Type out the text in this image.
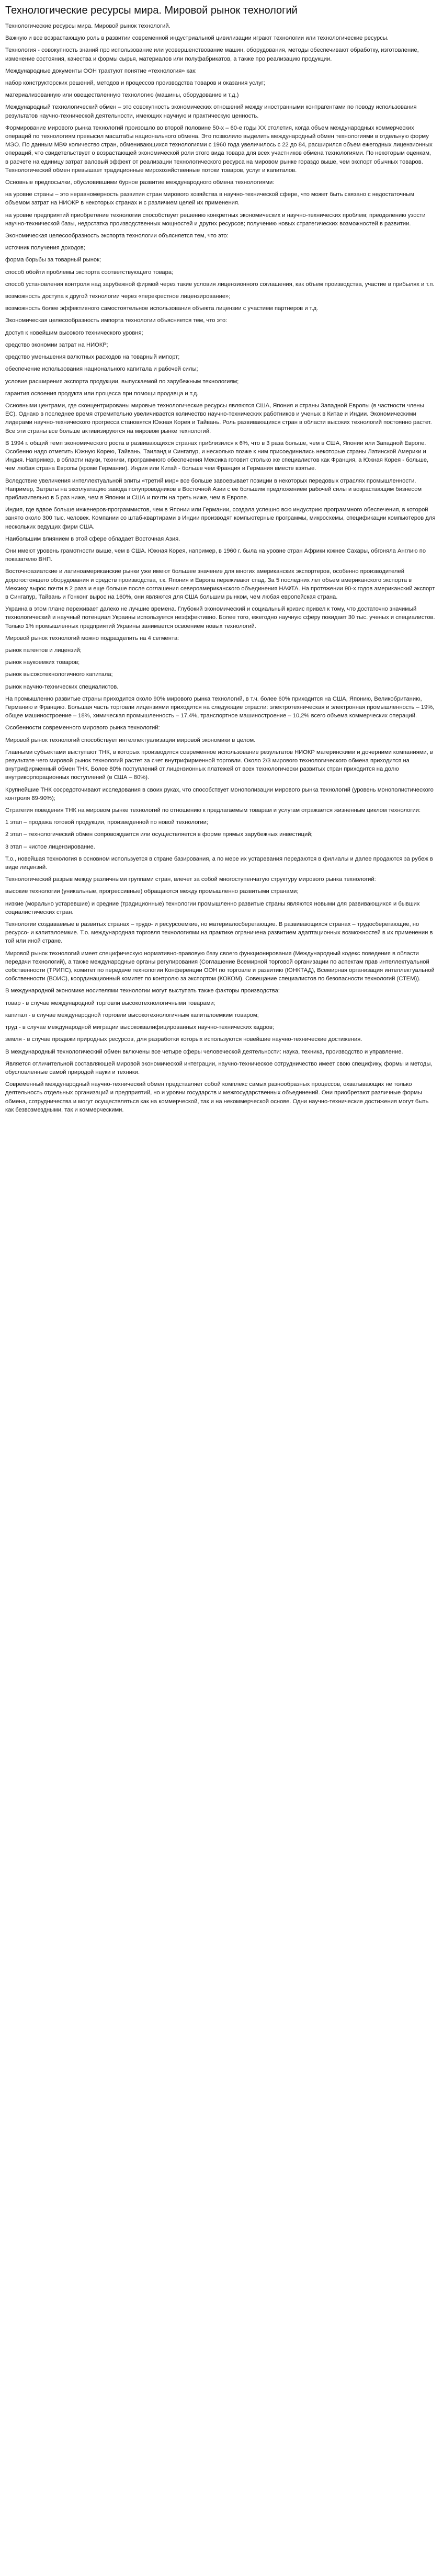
Технологические ресурсы мира. Мировой рынок технологий

Технологические ресурсы мира. Мировой рынок технологий.

Важную и все возрастающую роль в развитии современной индустриальной цивилизации играют технологии или технологические ресурсы.

Технология - совокупность знаний про использование или усовершенствование машин, оборудования, методы обеспечивают обработку, изготовление, изменение состояния, качества и формы сырья, материалов или полуфабрикатов, а также про реализацию продукции.

Международные документы ООН трактуют понятие «технология» как:

набор конструкторских решений, методов и процессов производства товаров и оказания услуг;

материализованную или овеществленную технологию (машины, оборудование и т.д.)

Международный технологический обмен – это совокупность экономических отношений между иностранными контрагентами по поводу использования результатов научно-технической деятельности, имеющих научную и практическую ценность.

Формирование мирового рынка технологий произошло во второй половине 50-х – 60-е годы XX столетия, когда объем международных коммерческих операций по технологиям превысил масштабы национального обмена. Это позволило выделить международный обмен технологиями в отдельную форму МЭО. По данным МВФ количество стран, обменивающихся технологиями с 1960 года увеличилось с 22 до 84, расширился объем ежегодных лицензионных операций, что свидетельствует о возрастающей экономической роли этого вида товара для всех участников обмена технологиями. По некоторым оценкам, в расчете на единицу затрат валовый эффект от реализации технологического ресурса на мировом рынке гораздо выше, чем экспорт обычных товаров. Технологический обмен превышает традиционные мирохозяйственные потоки товаров, услуг и капиталов.

Основные предпосылки, обусловившими бурное развитие международного обмена технологиями:

на уровне страны – это неравномерность развития стран мирового хозяйства в научно-технической сфере, что может быть связано с недостаточным объемом затрат на НИОКР в некоторых странах и с различием целей их применения.

на уровне предприятий приобретение технологии способствует решению конкретных экономических и научно-технических проблем; преодолению узости научно-технической базы, недостатка производственных мощностей и других ресурсов; получению новых стратегических возможностей в развитии.

Экономическая целесообразность экспорта технологии объясняется тем, что это:

источник получения доходов;

форма борьбы за товарный рынок;

способ обойти проблемы экспорта соответствующего товара;

способ установления контроля над зарубежной фирмой через такие условия лицензионного соглашения, как объем производства, участие в прибылях и т.п.

возможность доступа к другой технологии через «перекрестное лицензирование»;

возможность более эффективного самостоятельное использования объекта лицензии с участием партнеров и т.д.

Экономическая целесообразность импорта технологии объясняется тем, что это:

доступ к новейшим высокого технического уровня;

средство экономии затрат на НИОКР;

средство уменьшения валютных расходов на товарный импорт;

обеспечение использования национального капитала и рабочей силы;

условие расширения экспорта продукции, выпускаемой по зарубежным технологиям;

гарантия освоения продукта или процесса при помощи продавца и т.д.

Основными центрами, где сконцентрированы мировые технологические ресурсы являются США, Япония и страны Западной Европы (в частности члены ЕС). Однако в последнее время стремительно увеличивается количество научно-технических работников и ученых в Китае и Индии. Экономическими лидерами научно-технического прогресса становятся Южная Корея и Тайвань. Роль развивающихся стран в области высоких технологий постоянно растет. Все эти страны все больше активизируются на мировом рынке технологий.

В 1994 г. общий темп экономического роста в развивающихся странах приблизился к 6%, что в 3 раза больше, чем в США, Японии или Западной Европе. Особенно надо отметить Южную Корею, Тайвань, Таиланд и Сингапур, и несколько позже к ним присоединились некоторые страны Латинской Америки и Индия. Например, в области науки, техники, программного обеспечения Мексика готовит столько же специалистов как Франция, а Южная Корея - больше, чем любая страна Европы (кроме Германии). Индия или Китай - больше чем Франция и Германия вместе взятые.

Вследствие увеличения интеллектуальной элиты «третий мир» все больше завоевывает позиции в некоторых передовых отраслях промышленности. Например, Затраты на эксплуатацию завода полупроводников в Восточной Азии с ее большим предложением рабочей силы и возрастающим бизнесом приблизительно в 5 раз ниже, чем в Японии и США и почти на треть ниже, чем в Европе.

Индия, где вдвое больше инженеров-программистов, чем в Японии или Германии, создала успешно всю индустрию программного обеспечения, в которой занято около 300 тыс. человек. Компании со штаб-квартирами в Индии производят компьютерные программы, микросхемы, спецификации компьютеров для нескольких ведущих фирм США.

Наибольшим влиянием в этой сфере обладает Восточная Азия.

Они имеют уровень грамотности выше, чем в США. Южная Корея, например, в 1960 г. была на уровне стран Африки южнее Сахары, обгоняла Англию по показателю ВНП.

Восточноазиатские и латиноамериканские рынки уже имеют большее значение для многих американских экспортеров, особенно производителей дорогостоящего оборудования и средств производства, т.к. Япония и Европа переживают спад. За 5 последних лет объем американского экспорта в Мексику вырос почти в 2 раза и еще больше после соглашения североамериканского объединения НАФТА. На протяжении 90-х годов американский экспорт в Сингапур, Тайвань и Гонконг вырос на 160%, они являются для США большим рынком, чем любая европейская страна.

Украина в этом плане переживает далеко не лучшие времена. Глубокий экономический и социальный кризис привел к тому, что достаточно значимый технологический и научный потенциал Украины используется неэффективно. Более того, ежегодно научную сферу покидает 30 тыс. ученых и специалистов. Только 1% промышленных предприятий Украины занимается освоением новых технологий.

Мировой рынок технологий можно подразделить на 4 сегмента:

рынок патентов и лицензий;

рынок наукоемких товаров;

рынок высокотехнологичного капитала;

рынок научно-технических специалистов.

На промышленно развитые страны приходится около 90% мирового рынка технологий, в т.ч. более 60% приходится на США, Японию, Великобританию, Германию и Францию. Большая часть торговли лицензиями приходится на следующие отрасли: электротехническая и электронная промышленность – 19%, общее машиностроение – 18%, химическая промышленность – 17,4%, транспортное машиностроение – 10,2% всего объема коммерческих операций.

Особенности современного мирового рынка технологий:

Мировой рынок технологий способствует интеллектуализации мировой экономики в целом.

Главными субъектами выступают ТНК, в которых производится современное использование результатов НИОКР материнскими и дочерними компаниями, в результате чего мировой рынок технологий растет за счет внутрифирменной торговли. Около 2/3 мирового технологического обмена приходится на внутрифирменный обмен ТНК. Более 80% поступлений от лицензионных платежей от всех технологически развитых стран приходится на долю внутрикорпорационных поступлений (в США – 80%).

Крупнейшие ТНК сосредоточивают исследования в своих руках, что способствует монополизации мирового рынка технологий (уровень монополистического контроля 89-90%);

Стратегия поведения ТНК на мировом рынке технологий по отношению к предлагаемым товарам и услугам отражается жизненным циклом технологии:

1 этап – продажа готовой продукции, произведенной по новой технологии;

2 этап – технологический обмен сопровождается или осуществляется в форме прямых зарубежных инвестиций;

3 этап – чистое лицензирование.

Т.о., новейшая технология в основном используется в стране базирования, а по мере их устаревания передаются в филиалы и далее продаются за рубеж в виде лицензий.

Технологический разрыв между различными группами стран, влечет за собой многоступенчатую структуру мирового рынка технологий:

высокие технологии (уникальные, прогрессивные) обращаются между промышленно развитыми странами;

низкие (морально устаревшие) и средние (традиционные) технологии промышленно развитые страны являются новыми для развивающихся и бывших социалистических стран.

Технологии создаваемые в развитых странах – трудо- и ресурсоемкие, но материалосберегающие. В развивающихся странах – трудосберегающие, но ресурсо- и капиталоемкие. Т.о. международная торговля технологиями на практике ограничена развитием адаптационных возможностей в их применении в той или иной стране.

Мировой рынок технологий имеет специфическую нормативно-правовую базу своего функционирования (Международный кодекс поведения в области передачи технологий), а также международные органы регулирования (Соглашение Всемирной торговой организации по аспектам прав интеллектуальной собственности (ТРИПС), комитет по передаче технологии Конференции ООН по торговле и развитию (ЮНКТАД), Всемирная организация интеллектуальной собственности (ВОИС), координационный комитет по контролю за экспортом (КОКОМ). Совещание специалистов по безопасности технологий (СТЕМ)).

В международной экономике носителями технологии могут выступать также факторы производства:

товар - в случае международной торговли высокотехнологичными товарами;

капитал - в случае международной торговли высокотехнологичным капиталоемким товаром;

труд - в случае международной миграции высококвалифицированных научно-технических кадров;

земля - в случае продажи природных ресурсов, для разработки которых используются новейшие научно-технические достижения.

В международный технологический обмен включены все четыре сферы человеческой деятельности: наука, техника, производство и управление.

Является отличительной составляющей мировой экономической интеграции, научно-техническое сотрудничество имеет свою специфику, формы и методы, обусловленные самой природой науки и техники.

Современный международный научно-технический обмен представляет собой комплекс самых разнообразных процессов, охватывающих не только деятельность отдельных организаций и предприятий, но и уровни государств и межгосударственных объединений. Они приобретают различные формы обмена, сотрудничества и могут осуществляться как на коммерческой, так и на некоммерческой основе. Одни научно-технические достижения могут быть как безвозмездными, так и коммерческими.
